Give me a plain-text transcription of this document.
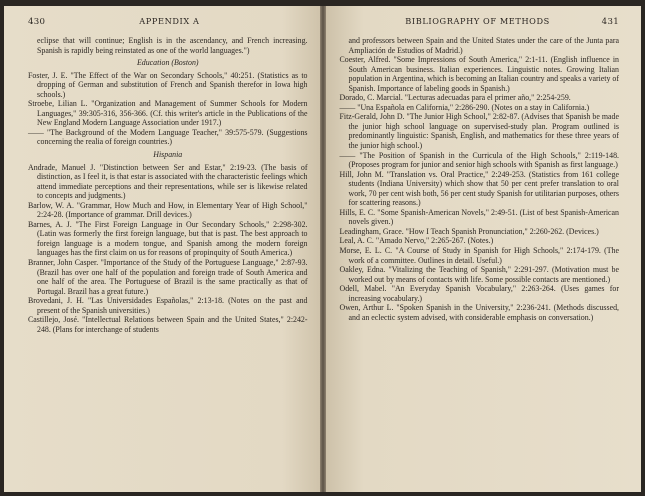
430	APPENDIX A

eclipse that will continue; English is in the ascendancy, and French increasing. Spanish is rapidly being reinstated as one of the world languages.")

Education (Boston)

Foster, J. E. "The Effect of the War on Secondary Schools," 40:251. (Statistics as to dropping of German and substitution of French and Spanish therefor in Iowa high schools.)

Stroebe, Lilian L. "Organization and Management of Summer Schools for Modern Languages," 39:305-316, 356-366. (Cf. this writer's article in the Publications of the New England Modern Language Association under 1917.)

—— "The Background of the Modern Language Teacher," 39:575-579. (Suggestions concerning the realia of foreign countries.)

Hispania

Andrade, Manuel J. "Distinction between Ser and Estar," 2:19-23. (The basis of distinction, as I feel it, is that estar is associated with the characteristic feelings which attend immediate perceptions and their representations, while ser is likewise related to concepts and judgments.)

Barlow, W. A. "Grammar, How Much and How, in Elementary Year of High School," 2:24-28. (Importance of grammar. Drill devices.)

Barnes, A. J. "The First Foreign Language in Our Secondary Schools," 2:298-302. (Latin was formerly the first foreign language, but that is past. The best approach to foreign language is a modern tongue, and Spanish among the modern foreign languages has the first claim on us for reasons of propinquity of South America.)

Branner, John Casper. "Importance of the Study of the Portuguese Language," 2:87-93. (Brazil has over one half of the population and foreign trade of South America and one half of the area. The Portuguese of Brazil is the same practically as that of Portugal. Brazil has a great future.)

Brovedani, J. H. "Las Universidades Españolas," 2:13-18. (Notes on the past and present of the Spanish universities.)

Castillejo, José. "Intellectual Relations between Spain and the United States," 2:242-248. (Plans for interchange of students

BIBLIOGRAPHY OF METHODS	431

and professors between Spain and the United States under the care of the Junta para Ampliación de Estudios of Madrid.)

Coester, Alfred. "Some Impressions of South America," 2:1-11. (English influence in South American business. Italian experiences. Linguistic notes. Growing Italian population in Argentina, which is becoming an Italian country and speaks a variety of Spanish. Importance of labeling goods in Spanish.)

Dorado, C. Marcial. "Lecturas adecuadas para el primer año," 2:254-259.

—— "Una Española en California," 2:286-290. (Notes on a stay in California.)

Fitz-Gerald, John D. "The Junior High School," 2:82-87. (Advises that Spanish be made the junior high school language on supervised-study plan. Program outlined is predominantly linguistic: Spanish, English, and mathematics for these three years of the junior high school.)

—— "The Position of Spanish in the Curricula of the High Schools," 2:119-148. (Proposes program for junior and senior high schools with Spanish as first language.)

Hill, John M. "Translation vs. Oral Practice," 2:249-253. (Statistics from 161 college students (Indiana University) which show that 50 per cent prefer translation to oral work, 70 per cent wish both, 56 per cent study Spanish for utilitarian purposes, others for scattering reasons.)

Hills, E. C. "Some Spanish-American Novels," 2:49-51. (List of best Spanish-American novels given.)

Leadingham, Grace. "How I Teach Spanish Pronunciation," 2:260-262. (Devices.)

Leal, A. C. "Amado Nervo," 2:265-267. (Notes.)

Morse, E. L. C. "A Course of Study in Spanish for High Schools," 2:174-179. (The work of a committee. Outlines in detail. Useful.)

Oakley, Edna. "Vitalizing the Teaching of Spanish," 2:291-297. (Motivation must be worked out by means of contacts with life. Some possible contacts are mentioned.)

Odell, Mabel. "An Everyday Spanish Vocabulary," 2:263-264. (Uses games for increasing vocabulary.)

Owen, Arthur L. "Spoken Spanish in the University," 2:236-241. (Methods discussed, and an eclectic system advised, with considerable emphasis on conversation.)
